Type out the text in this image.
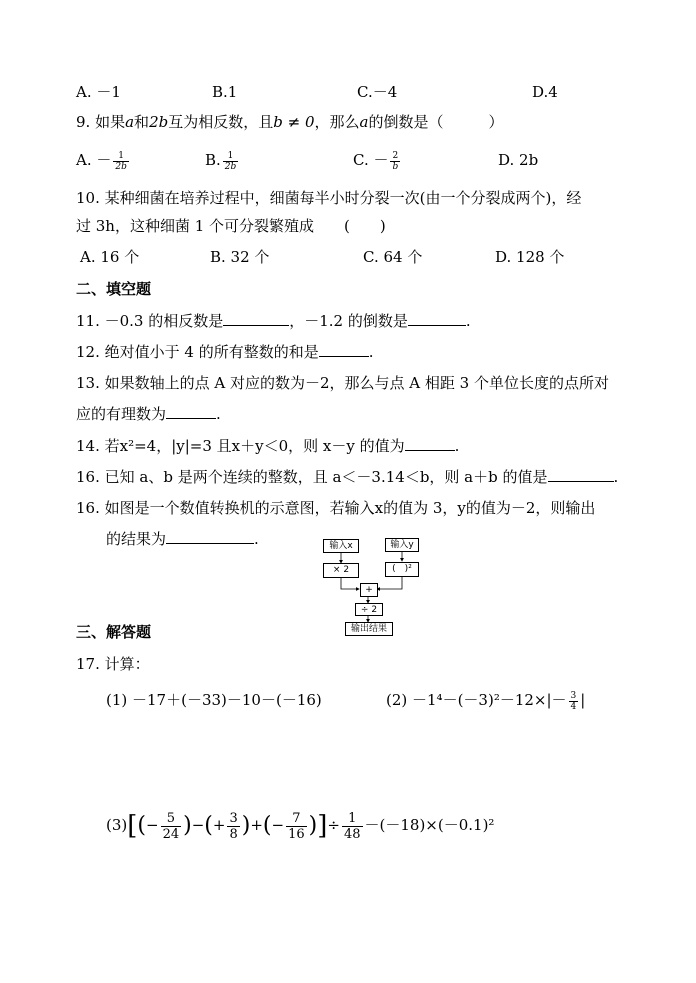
A. －1	B.1	C.－4	D.4
9. 如果a和2b互为相反数，且b ≠ 0，那么a的倒数是（　　　）
A. － $\frac{1}{2b}$	B. $\frac{1}{2b}$	C. － $\frac{2}{b}$	D. 2b
10. 某种细菌在培养过程中，细菌每半小时分裂一次(由一个分裂成两个)，经
过 3h，这种细菌 1 个可分裂繁殖成　　(　　)
A. 16 个	B. 32 个	C. 64 个	D. 128 个
二、填空题
11. －0.3 的相反数是	，－1.2 的倒数是	.
12. 绝对值小于 4 的所有整数的和是	.
13. 如果数轴上的点 A 对应的数为－2，那么与点 A 相距 3 个单位长度的点所对
应的有理数为	.
14. 若x²=4，|y|=3 且x＋y＜0，则 x－y 的值为	.
16. 已知 a、b 是两个连续的整数，且 a＜－3.14＜b，则 a＋b 的值是	.
16. 如图是一个数值转换机的示意图，若输入x的值为 3，y的值为－2，则输出
的结果为	.	输入x	输入y
× 2	(　)²
+
÷ 2
输出结果
三、解答题
17. 计算：
(1) －17＋(－33)－10－(－16)	$(2) -1^4-(-3)^2-12\times|- \frac{3}{4}$ |
$(3)[(- \frac{5}{24}$ )−(+ $\frac{3}{8}$ )+(− $\frac{7}{16}$ )]÷ $\frac{1}{48} -(-18)\times(-0.1)^2$
